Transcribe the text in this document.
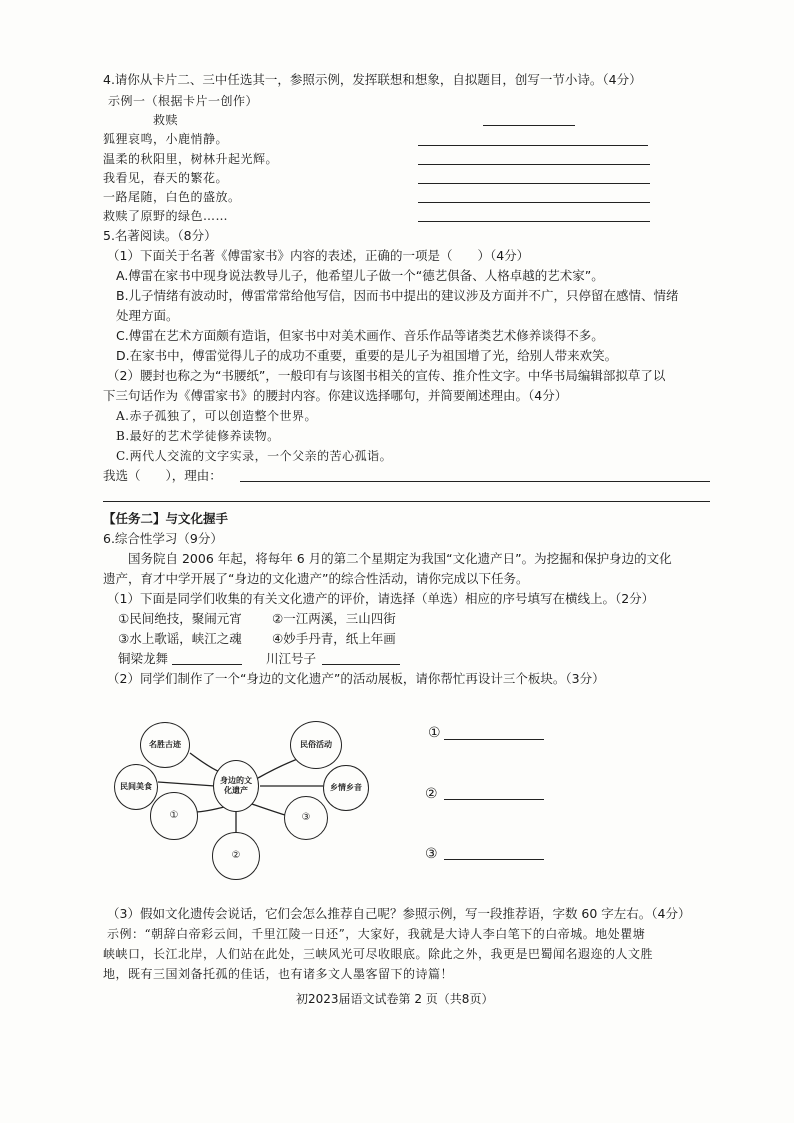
4.请你从卡片二、三中任选其一，参照示例，发挥联想和想象，自拟题目，创写一节小诗。（4分）
示例一（根据卡片一创作）
救赎
狐狸哀鸣，小鹿悄静。
温柔的秋阳里，树林升起光辉。
我看见，春天的繁花。
一路尾随，白色的盛放。
救赎了原野的绿色……
5.名著阅读。（8分）
（1）下面关于名著《傅雷家书》内容的表述，正确的一项是（　　）（4分）
A.傅雷在家书中现身说法教导儿子，他希望儿子做一个“德艺俱备、人格卓越的艺术家”。
B.儿子情绪有波动时，傅雷常常给他写信，因而书中提出的建议涉及方面并不广，只停留在感情、情绪
处理方面。
C.傅雷在艺术方面颇有造诣，但家书中对美术画作、音乐作品等诸类艺术修养谈得不多。
D.在家书中，傅雷觉得儿子的成功不重要，重要的是儿子为祖国增了光，给别人带来欢笑。
（2）腰封也称之为“书腰纸”，一般印有与该图书相关的宣传、推介性文字。中华书局编辑部拟草了以
下三句话作为《傅雷家书》的腰封内容。你建议选择哪句，并简要阐述理由。（4分）
A.赤子孤独了，可以创造整个世界。
B.最好的艺术学徒修养读物。
C.两代人交流的文字实录，一个父亲的苦心孤诣。
我选（　　），理由：
【任务二】与文化握手
6.综合性学习（9分）
国务院自 2006 年起，将每年 6 月的第二个星期定为我国“文化遗产日”。为挖掘和保护身边的文化
遗产，育才中学开展了“身边的文化遗产”的综合性活动，请你完成以下任务。
（1）下面是同学们收集的有关文化遗产的评价，请选择（单选）相应的序号填写在横线上。（2分）
①民间绝技，聚闹元宵 ②一江两溪，三山四街
③水上歌谣，峡江之魂 ④妙手丹青，纸上年画
铜梁龙舞	川江号子
（2）同学们制作了一个“身边的文化遗产”的活动展板，请你帮忙再设计三个板块。（3分）
名胜古迹	民俗活动
民间美食	乡情乡音
身边的文化遗产
①	③
②
①
②
③
（3）假如文化遗传会说话，它们会怎么推荐自己呢？参照示例，写一段推荐语，字数 60 字左右。（4分）
示例：“朝辞白帝彩云间，千里江陵一日还”，大家好，我就是大诗人李白笔下的白帝城。地处瞿塘
峡峡口，长江北岸，人们站在此处，三峡风光可尽收眼底。除此之外，我更是巴蜀闻名遐迩的人文胜
地，既有三国刘备托孤的佳话，也有诸多文人墨客留下的诗篇！
初2023届语文试卷第 2 页（共8页）
